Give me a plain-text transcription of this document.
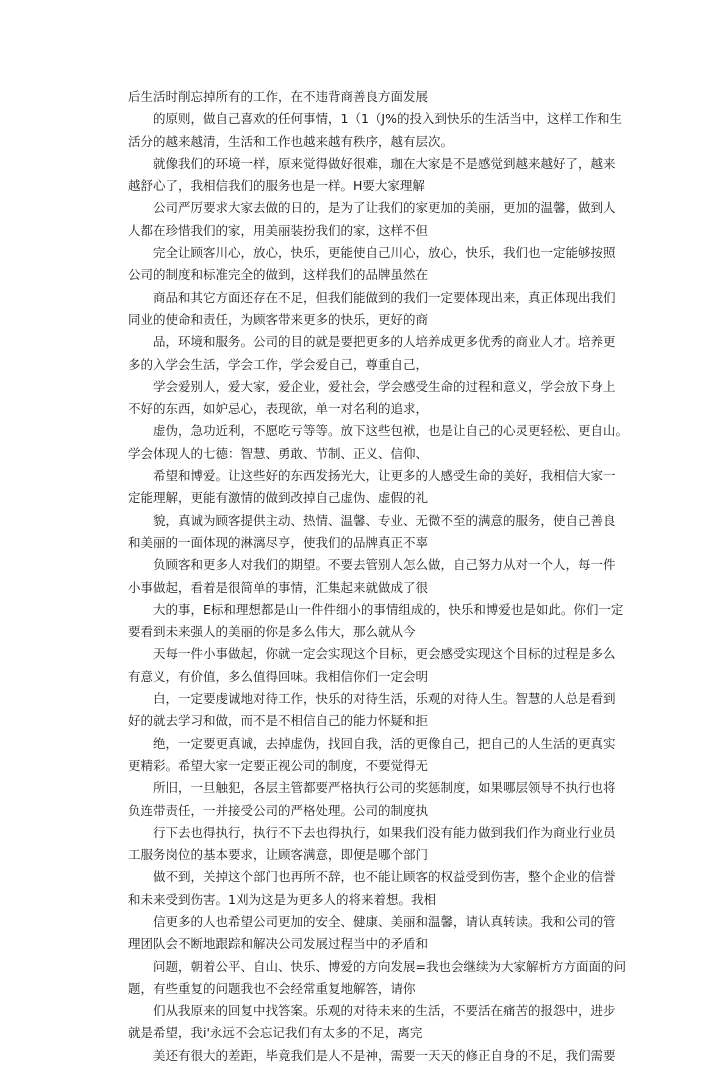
后生活时削忘掉所有的工作，在不违背商善良方面发展
的原则，做自己喜欢的任何事情，1（1（J%的投入到快乐的生活当中，这样工作和生
活分的越来越清，生活和工作也越来越有秩序，越有层次。
就像我们的环境一样，原来觉得做好很难，珈在大家是不是感觉到越来越好了，越来
越舒心了，我相信我们的服务也是一样。H要大家理解
公司严厉要求大家去做的日的，是为了让我们的家更加的美丽，更加的温馨，做到人
人都在珍惜我们的家，用美丽装扮我们的家，这样不但
完全让顾客川心，放心，快乐，更能使自己川心，放心，快乐，我们也一定能够按照
公司的制度和标准完全的做到，这样我们的品牌虽然在
商品和其它方面还存在不足，但我们能做到的我们一定要体现出来，真正体现出我们
同业的使命和责任，为顾客带来更多的快乐，更好的商
品，环境和服务。公司的目的就是要把更多的人培养成更多优秀的商业人才。培养更
多的入学会生活，学会工作，学会爱自己，尊重自己，
学会爱别人，爱大家，爱企业，爱社会，学会感受生命的过程和意义，学会放下身上
不好的东西，如妒忌心，表现欲，单一对名利的追求，
虚伪，急功近利，不愿吃亏等等。放下这些包袱，也是让自己的心灵更轻松、更自山。
学会体现人的七德：智慧、勇敢、节制、正义、信仰、
希望和博爱。让这些好的东西发扬光大，让更多的人感受生命的美好，我相信大家一
定能理解，更能有激情的做到改掉自己虚伪、虚假的礼
貌，真诚为顾客提供主动、热情、温馨、专业、无微不至的满意的服务，使自己善良
和美丽的一面体现的淋漓尽亨，使我们的品牌真正不辜
负顾客和更多人对我们的期望。不要去管别人怎么做，自己努力从对一个人，每一件
小事做起，看着是很简单的事情，汇集起来就做成了很
大的事，E标和理想都是山一件件细小的事情组成的，快乐和博爱也是如此。你们一定
要看到未来强人的美丽的你是多么伟大，那么就从今
天每一件小事做起，你就一定会实现这个目标，更会感受实现这个目标的过程是多么
有意义，有价值，多么值得回味。我相信你们一定会明
白，一定要虔诚地对待工作，快乐的对待生活，乐观的对待人生。智慧的人总是看到
好的就去学习和做，而不是不相信自己的能力怀疑和拒
绝，一定要更真诚，去掉虚伪，找回自我，活的更像自己，把自己的人生活的更真实
更精彩。希望大家一定要正视公司的制度，不要觉得无
所旧，一旦触犯，各层主管都要严格执行公司的奖惩制度，如果哪层领导不执行也将
负连带责任，一并接受公司的严格处理。公司的制度执
行下去也得执行，执行不下去也得执行，如果我们没有能力做到我们作为商业行业员
工服务岗位的基本要求，让顾客满意，即便是哪个部门
做不到，关掉这个部门也再所不辞，也不能让顾客的权益受到伤害，整个企业的信誉
和未来受到伤害。1刈为这是为更多人的将来着想。我相
信更多的人也希望公司更加的安全、健康、美丽和温馨，请认真转读。我和公司的管
理团队会不断地跟踪和解决公司发展过程当中的矛盾和
问题，朝着公平、自山、快乐、博爱的方向发展=我也会继续为大家解析方方面面的问
题，有些重复的问题我也不会经常重复地解答，请你
们从我原来的回复中找答案。乐观的对待未来的生活，不要活在痛苦的报怨中，进步
就是希望，我i'永远不会忘记我们有太多的不足，离完
美还有很大的差距，毕竟我们是人不是神，需要一天天的修正自身的不足，我们需要
